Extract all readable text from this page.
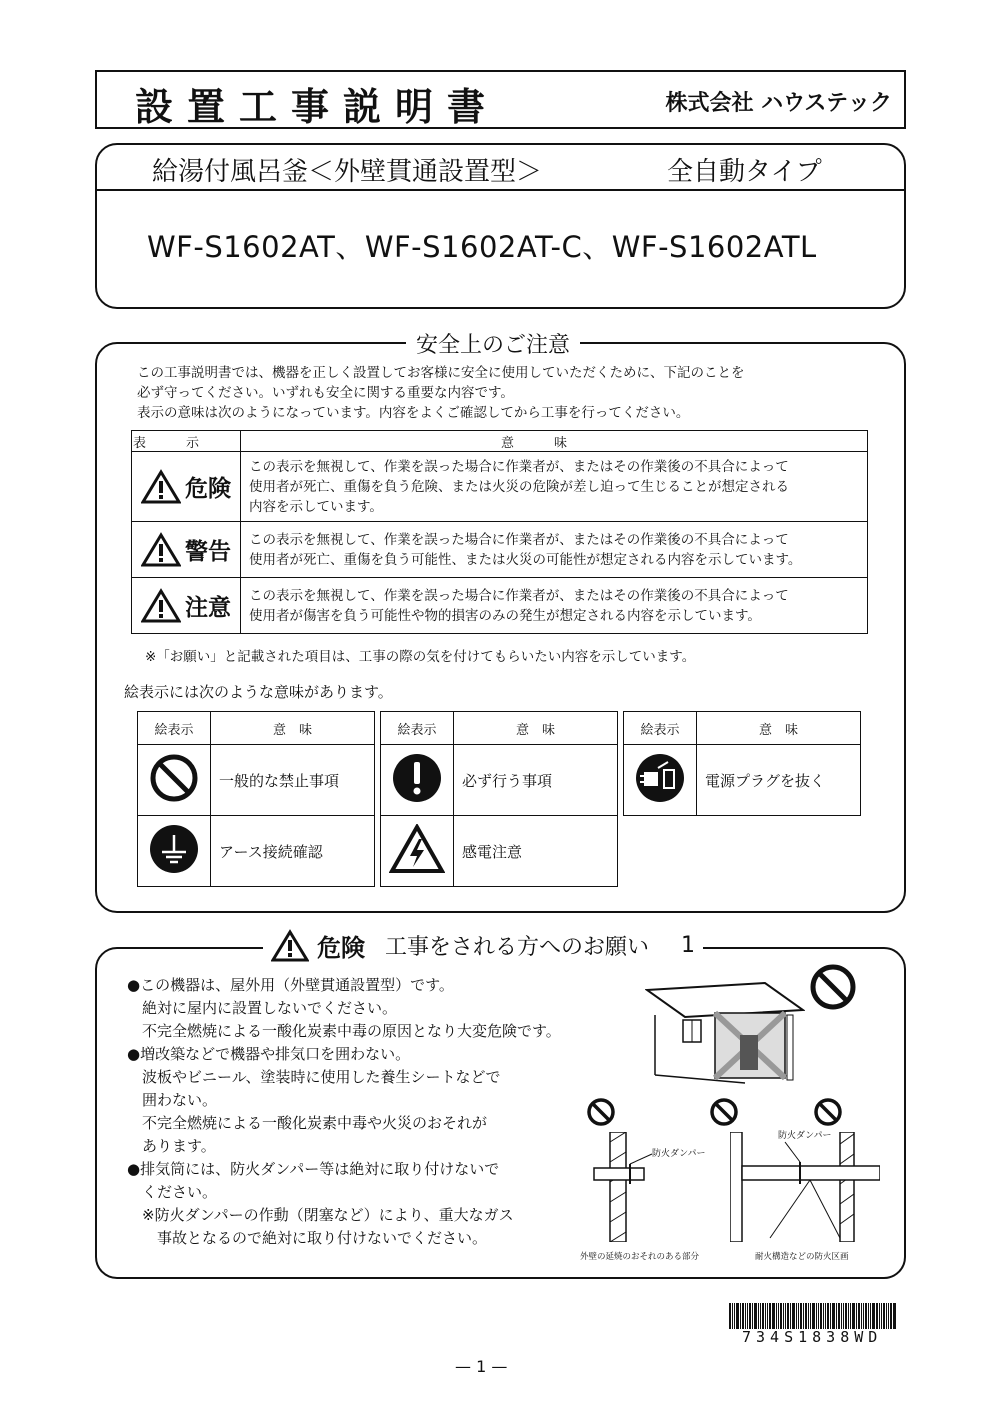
設置工事説明書	株式会社 ハウステック
給湯付風呂釜＜外壁貫通設置型＞	全自動タイプ
WF-S1602AT、WF-S1602AT-C、WF-S1602ATL
安全上のご注意
この工事説明書では、機器を正しく設置してお客様に安全に使用していただくために、下記のことを
必ず守ってください。いずれも安全に関する重要な内容です。
表示の意味は次のようになっています。内容をよくご確認してから工事を行ってください。
表示	意味

危険	この表示を無視して、作業を誤った場合に作業者が、またはその作業後の不具合によって
使用者が死亡、重傷を負う危険、または火災の危険が差し迫って生じることが想定される
内容を示しています。

警告	この表示を無視して、作業を誤った場合に作業者が、またはその作業後の不具合によって
使用者が死亡、重傷を負う可能性、または火災の可能性が想定される内容を示しています。

注意	この表示を無視して、作業を誤った場合に作業者が、またはその作業後の不具合によって
使用者が傷害を負う可能性や物的損害のみの発生が想定される内容を示しています。
※「お願い」と記載された項目は、工事の際の気を付けてもらいたい内容を示しています。
絵表示には次のような意味があります。
絵表示	意　味
	一般的な禁止事項
	アース接続確認
絵表示	意　味
	必ず行う事項
	感電注意
絵表示	意　味
	電源プラグを抜く
危険 工事をされる方へのお願い 1
●この機器は、屋外用（外壁貫通設置型）です。
　絶対に屋内に設置しないでください。
　不完全燃焼による一酸化炭素中毒の原因となり大変危険です。
●増改築などで機器や排気口を囲わない。
　波板やビニール、塗装時に使用した養生シートなどで
　囲わない。
　不完全燃焼による一酸化炭素中毒や火災のおそれが
　あります。
●排気筒には、防火ダンパー等は絶対に取り付けないで
　ください。
　※防火ダンパーの作動（閉塞など）により、重大なガス
　　事故となるので絶対に取り付けないでください。
防火ダンパー
防火ダンパー
外壁の延焼のおそれのある部分	耐火構造などの防火区画
734S1838WD
— 1 —
